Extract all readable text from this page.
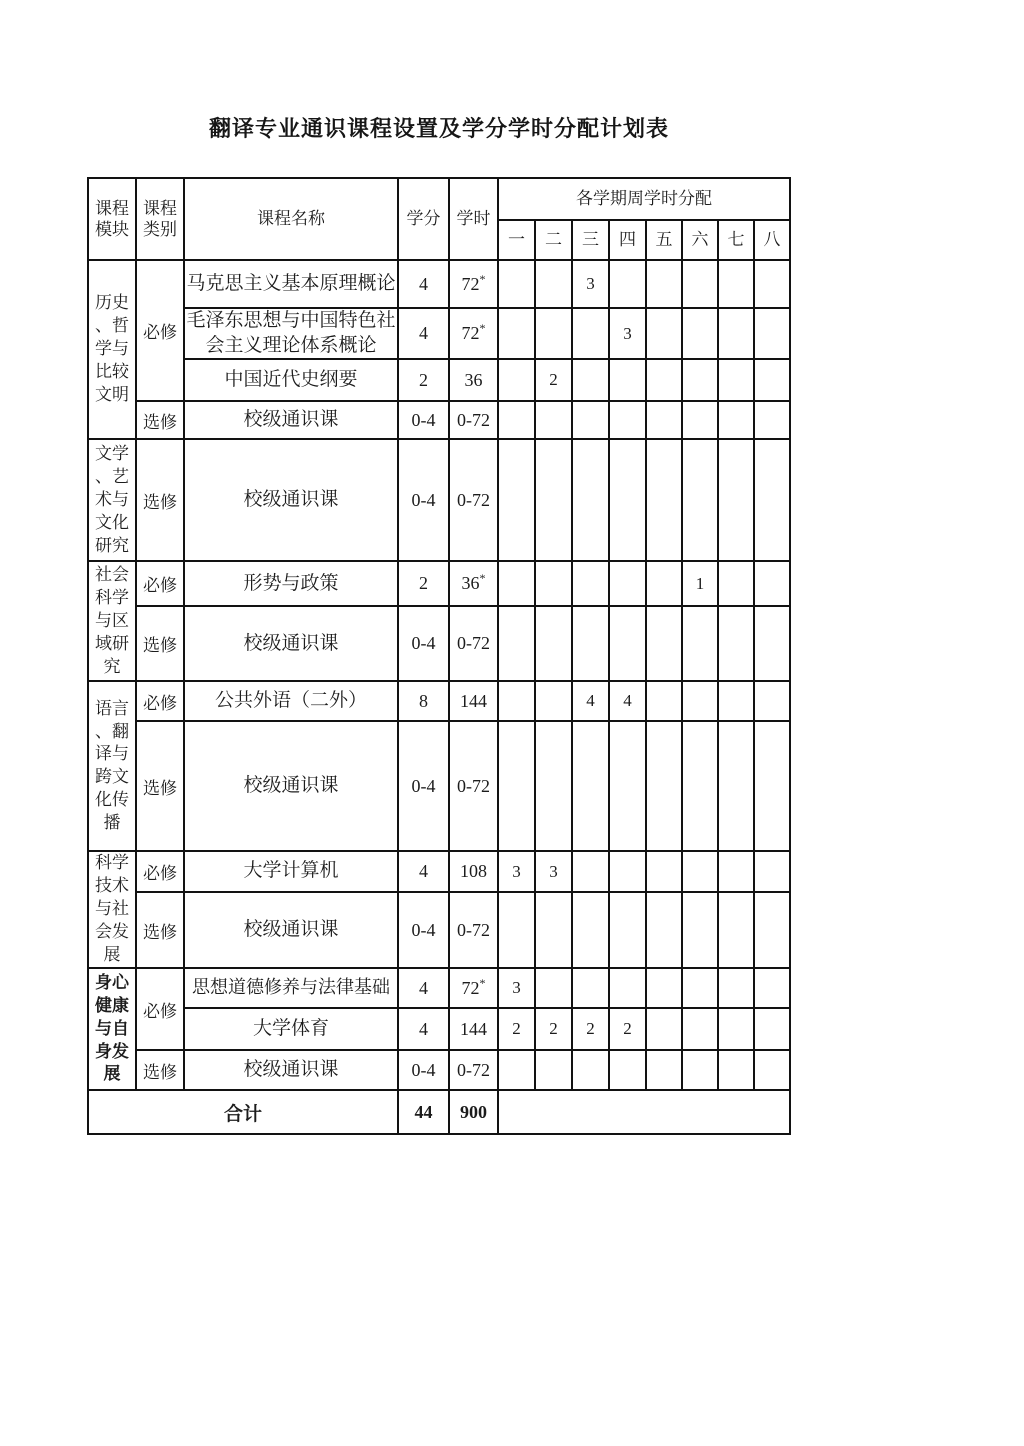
翻译专业通识课程设置及学分学时分配计划表
课程模块	课程类别	课程名称	学分	学时	各学期周学时分配							
					一	二	三	四	五	六	七	八
历史、哲学与比较文明	必修	马克思主义基本原理概论	4	72*			3					
		毛泽东思想与中国特色社会主义理论体系概论	4	72*				3				
		中国近代史纲要	2	36		2						
	选修	校级通识课	0-4	0-72								
文学、艺术与文化研究	选修	校级通识课	0-4	0-72								
社会科学与区域研究	必修	形势与政策	2	36*						1		
	选修	校级通识课	0-4	0-72								
语言、翻译与跨文化传播	必修	公共外语（二外）	8	144			4	4				
	选修	校级通识课	0-4	0-72								
科学技术与社会发展	必修	大学计算机	4	108	3	3						
	选修	校级通识课	0-4	0-72								
身心健康与自身发展	必修	思想道德修养与法律基础	4	72*	3							
		大学体育	4	144	2	2	2	2				
	选修	校级通识课	0-4	0-72								
合计			44	900								
